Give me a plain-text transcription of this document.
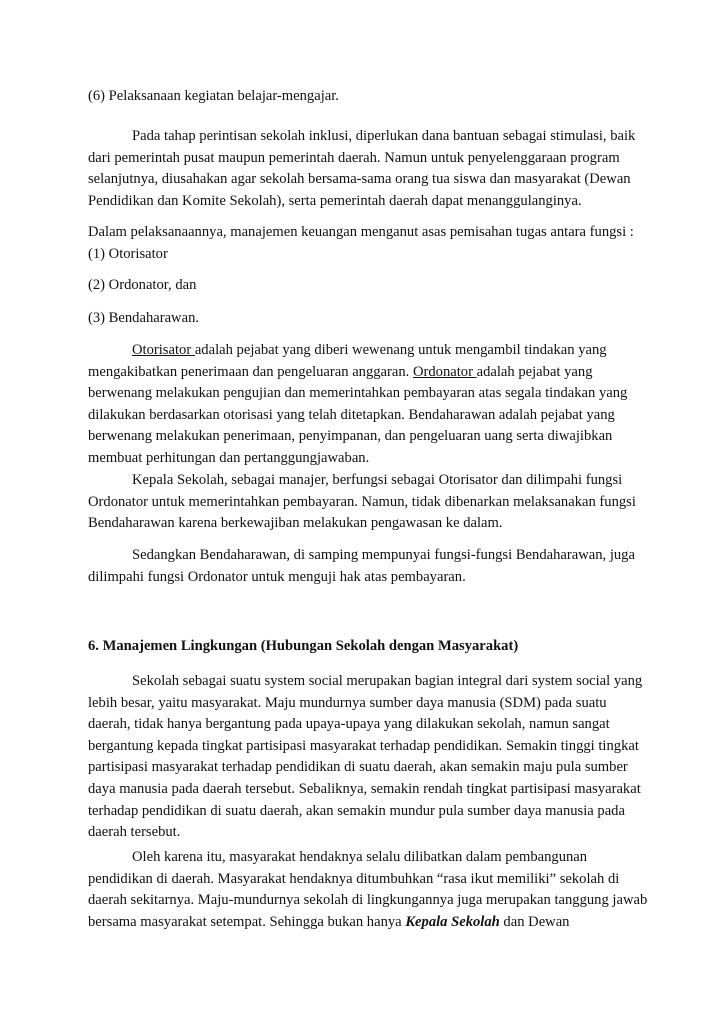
(6) Pelaksanaan kegiatan belajar-mengajar.

Pada tahap perintisan sekolah inklusi, diperlukan dana bantuan sebagai stimulasi, baik dari pemerintah pusat maupun pemerintah daerah. Namun untuk penyelenggaraan program selanjutnya, diusahakan agar sekolah bersama-sama orang tua siswa dan masyarakat (Dewan Pendidikan dan Komite Sekolah), serta pemerintah daerah dapat menanggulanginya.

Dalam pelaksanaannya, manajemen keuangan menganut asas pemisahan tugas antara fungsi : (1) Otorisator

(2) Ordonator, dan

(3) Bendaharawan.

Otorisator adalah pejabat yang diberi wewenang untuk mengambil tindakan yang mengakibatkan penerimaan dan pengeluaran anggaran. Ordonator adalah pejabat yang berwenang melakukan pengujian dan memerintahkan pembayaran atas segala tindakan yang dilakukan berdasarkan otorisasi yang telah ditetapkan. Bendaharawan adalah pejabat yang berwenang melakukan penerimaan, penyimpanan, dan pengeluaran uang serta diwajibkan membuat perhitungan dan pertanggungjawaban.

Kepala Sekolah, sebagai manajer, berfungsi sebagai Otorisator dan dilimpahi fungsi Ordonator untuk memerintahkan pembayaran. Namun, tidak dibenarkan melaksanakan fungsi Bendaharawan karena berkewajiban melakukan pengawasan ke dalam.

Sedangkan Bendaharawan, di samping mempunyai fungsi-fungsi Bendaharawan, juga dilimpahi fungsi Ordonator untuk menguji hak atas pembayaran.

6. Manajemen Lingkungan (Hubungan Sekolah dengan Masyarakat)

Sekolah sebagai suatu system social merupakan bagian integral dari system social yang lebih besar, yaitu masyarakat. Maju mundurnya sumber daya manusia (SDM) pada suatu daerah, tidak hanya bergantung pada upaya-upaya yang dilakukan sekolah, namun sangat bergantung kepada tingkat partisipasi masyarakat terhadap pendidikan. Semakin tinggi tingkat partisipasi masyarakat terhadap pendidikan di suatu daerah, akan semakin maju pula sumber daya manusia pada daerah tersebut. Sebaliknya, semakin rendah tingkat partisipasi masyarakat terhadap pendidikan di suatu daerah, akan semakin mundur pula sumber daya manusia pada daerah tersebut.

Oleh karena itu, masyarakat hendaknya selalu dilibatkan dalam pembangunan pendidikan di daerah. Masyarakat hendaknya ditumbuhkan “rasa ikut memiliki” sekolah di daerah sekitarnya. Maju-mundurnya sekolah di lingkungannya juga merupakan tanggung jawab bersama masyarakat setempat. Sehingga bukan hanya Kepala Sekolah dan Dewan
